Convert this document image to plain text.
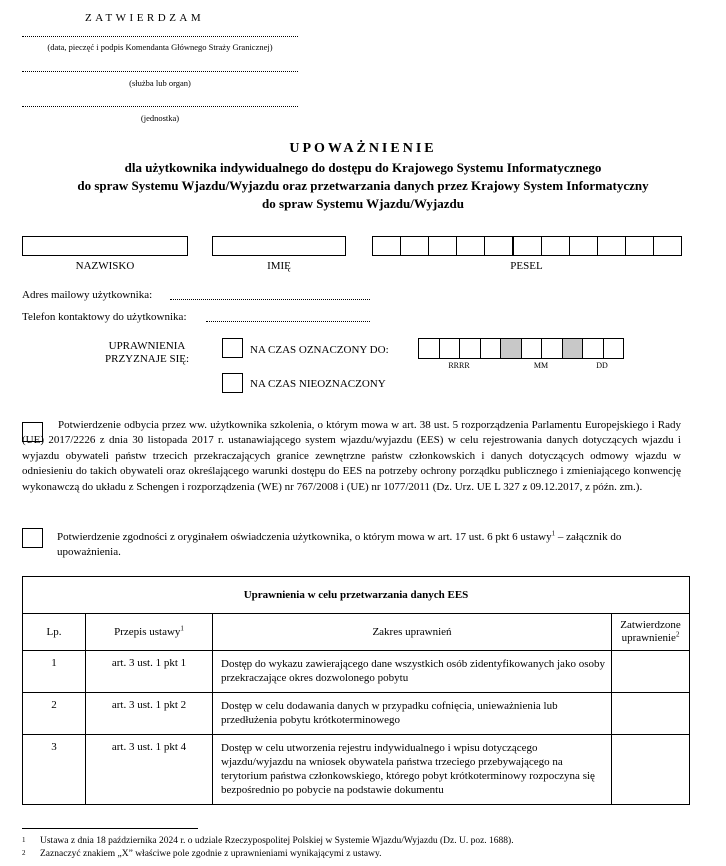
ZATWIERDZAM
(data, pieczęć i podpis Komendanta Głównego Straży Granicznej)
(służba lub organ)
(jednostka)
UPOWAŻNIENIE
dla użytkownika indywidualnego do dostępu do Krajowego Systemu Informatycznego
do spraw Systemu Wjazdu/Wyjazdu oraz przetwarzania danych przez Krajowy System Informatyczny
do spraw Systemu Wjazdu/Wyjazdu
NAZWISKO	IMIĘ	PESEL
Adres mailowy użytkownika:
Telefon kontaktowy do użytkownika:
UPRAWNIENIA
PRZYZNAJE SIĘ:
NA CZAS OZNACZONY DO:
RRRR	MM	DD
NA CZAS NIEOZNACZONY
Potwierdzenie odbycia przez ww. użytkownika szkolenia, o którym mowa w art. 38 ust. 5 rozporządzenia Parlamentu Europejskiego i Rady (UE) 2017/2226 z dnia 30 listopada 2017 r. ustanawiającego system wjazdu/wyjazdu (EES) w celu rejestrowania danych dotyczących wjazdu i wyjazdu obywateli państw trzecich przekraczających granice zewnętrzne państw członkowskich i danych dotyczących odmowy wjazdu w odniesieniu do takich obywateli oraz określającego warunki dostępu do EES na potrzeby ochrony porządku publicznego i zmieniającego konwencję wykonawczą do układu z Schengen i rozporządzenia (WE) nr 767/2008 i (UE) nr 1077/2011 (Dz. Urz. UE L 327 z 09.12.2017, z późn. zm.).
Potwierdzenie zgodności z oryginałem oświadczenia użytkownika, o którym mowa w art. 17 ust. 6 pkt 6 ustawy$^1$ – załącznik do
upoważnienia.
Uprawnienia w celu przetwarzania danych EES			
Lp.	Przepis ustawy$^1$	Zakres uprawnień	Zatwierdzone
uprawnienie$^2$
1	art. 3 ust. 1 pkt 1	Dostęp do wykazu zawierającego dane wszystkich osób zidentyfikowanych jako osoby przekraczające okres dozwolonego pobytu	
2	art. 3 ust. 1 pkt 2	Dostęp w celu dodawania danych w przypadku cofnięcia, unieważnienia lub przedłużenia pobytu krótkoterminowego	
3	art. 3 ust. 1 pkt 4	Dostęp w celu utworzenia rejestru indywidualnego i wpisu dotyczącego wjazdu/wyjazdu na wniosek obywatela państwa trzeciego przebywającego na terytorium państwa członkowskiego, którego pobyt krótkoterminowy rozpoczyna się bezpośrednio po pobycie na podstawie dokumentu	
1 Ustawa z dnia 18 października 2024 r. o udziale Rzeczypospolitej Polskiej w Systemie Wjazdu/Wyjazdu (Dz. U. poz. 1688).
2 Zaznaczyć znakiem „X” właściwe pole zgodnie z uprawnieniami wynikającymi z ustawy.
